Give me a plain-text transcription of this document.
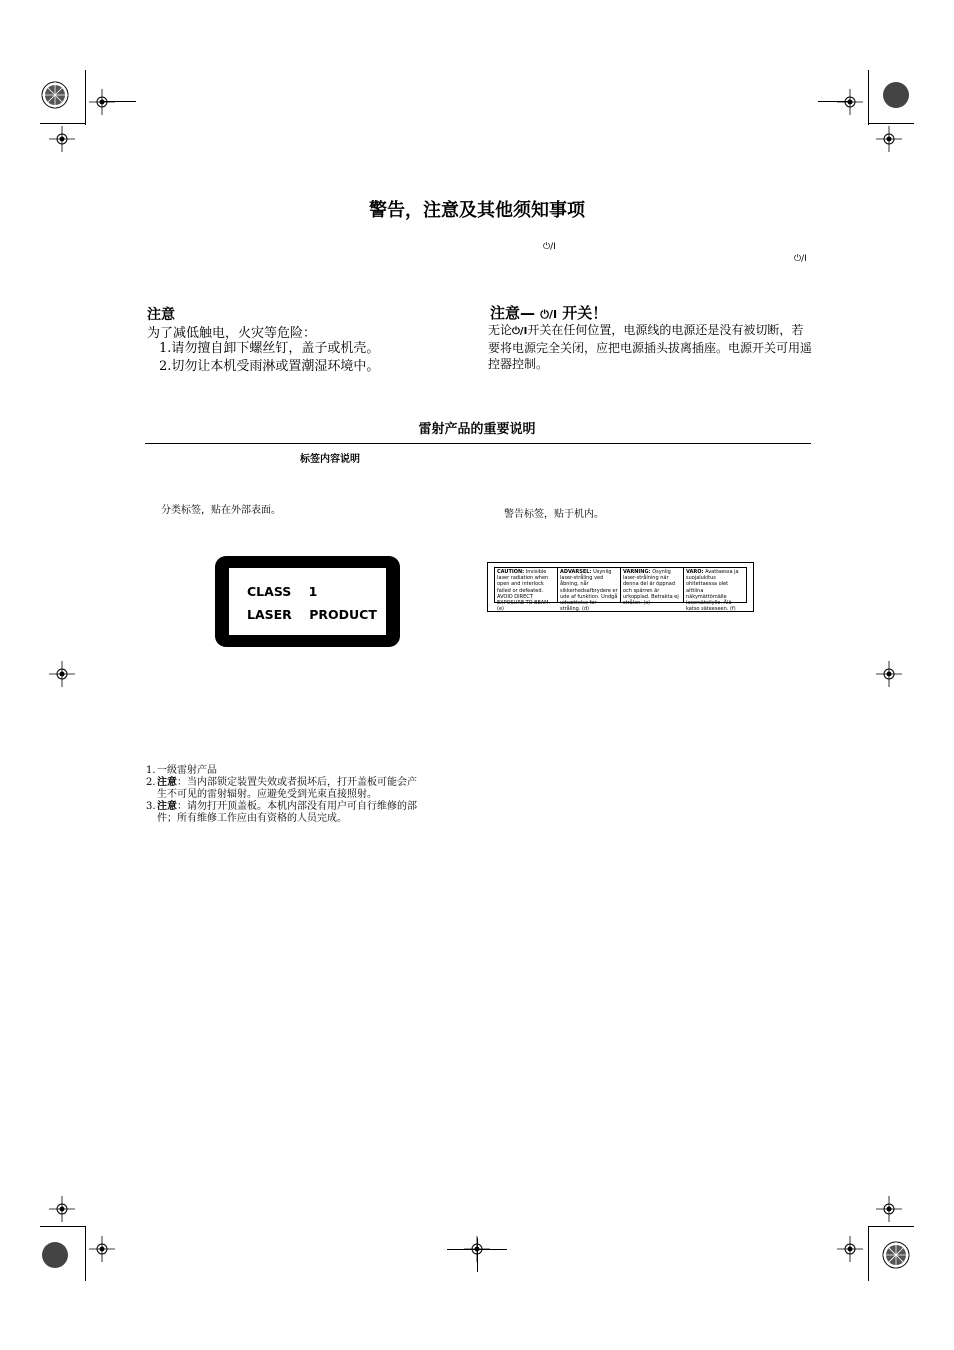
警告，注意及其他须知事项
⏻/I
⏻/I
注意
为了减低触电，火灾等危险：
1.请勿擅自卸下螺丝钉，盖子或机壳。
2.切勿让本机受雨淋或置潮湿环境中。
注意— ⏻/I 开关！
无论⏻/I开关在任何位置，电源线的电源还是没有被切断，若要将电源完全关闭，应把电源插头拔离插座。电源开关可用遥控器控制。
雷射产品的重要说明
标签内容说明
分类标签，贴在外部表面。	警告标签，贴于机内。
CLASS    1
LASER    PRODUCT
CAUTION: Invisible laser radiation when open and interlock failed or defeated. AVOID DIRECT EXPOSURE TO BEAM. (e)
ADVARSEL: Usynlig laser-stråling ved åbning, når sikkerhedsafbrydere er ude af funktion. Undgå udsættelse for stråling. (d)
VARNING: Osynlig laser-strålning när denna del är öppnad och spärren är urkopplad. Betrakta ej strålen. (s)
VARO: Avattaessa ja suojalukitus ohitettaessa olet alttiina näkymättömälle lasersäteilylle. Älä katso säteeseen. (f)
1. 一级雷射产品
2. 注意：当内部锁定装置失效或者损坏后，打开盖板可能会产
生不可见的雷射辐射。应避免受到光束直接照射。
3. 注意：请勿打开顶盖板。本机内部没有用户可自行维修的部
件；所有维修工作应由有资格的人员完成。
